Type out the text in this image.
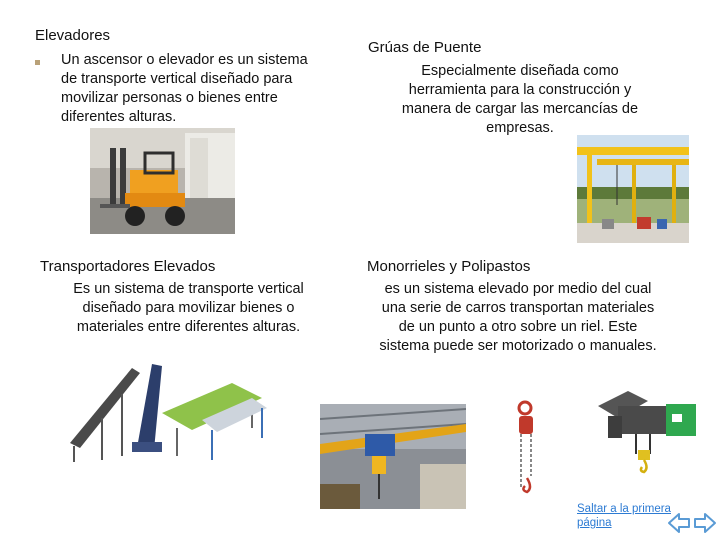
Elevadores
Un ascensor o elevador es un sistema de transporte vertical diseñado para movilizar personas o bienes entre diferentes alturas.
Grúas de Puente
Especialmente diseñada como herramienta para la construcción y manera de cargar las mercancías de empresas.
Transportadores Elevados
Es un sistema de transporte vertical diseñado para movilizar bienes o materiales entre diferentes alturas.
Monorrieles y Polipastos
es un sistema elevado por medio del cual una serie de carros transportan materiales de un punto a otro sobre un riel. Este sistema puede ser motorizado o manuales.
Saltar a la primera
página
